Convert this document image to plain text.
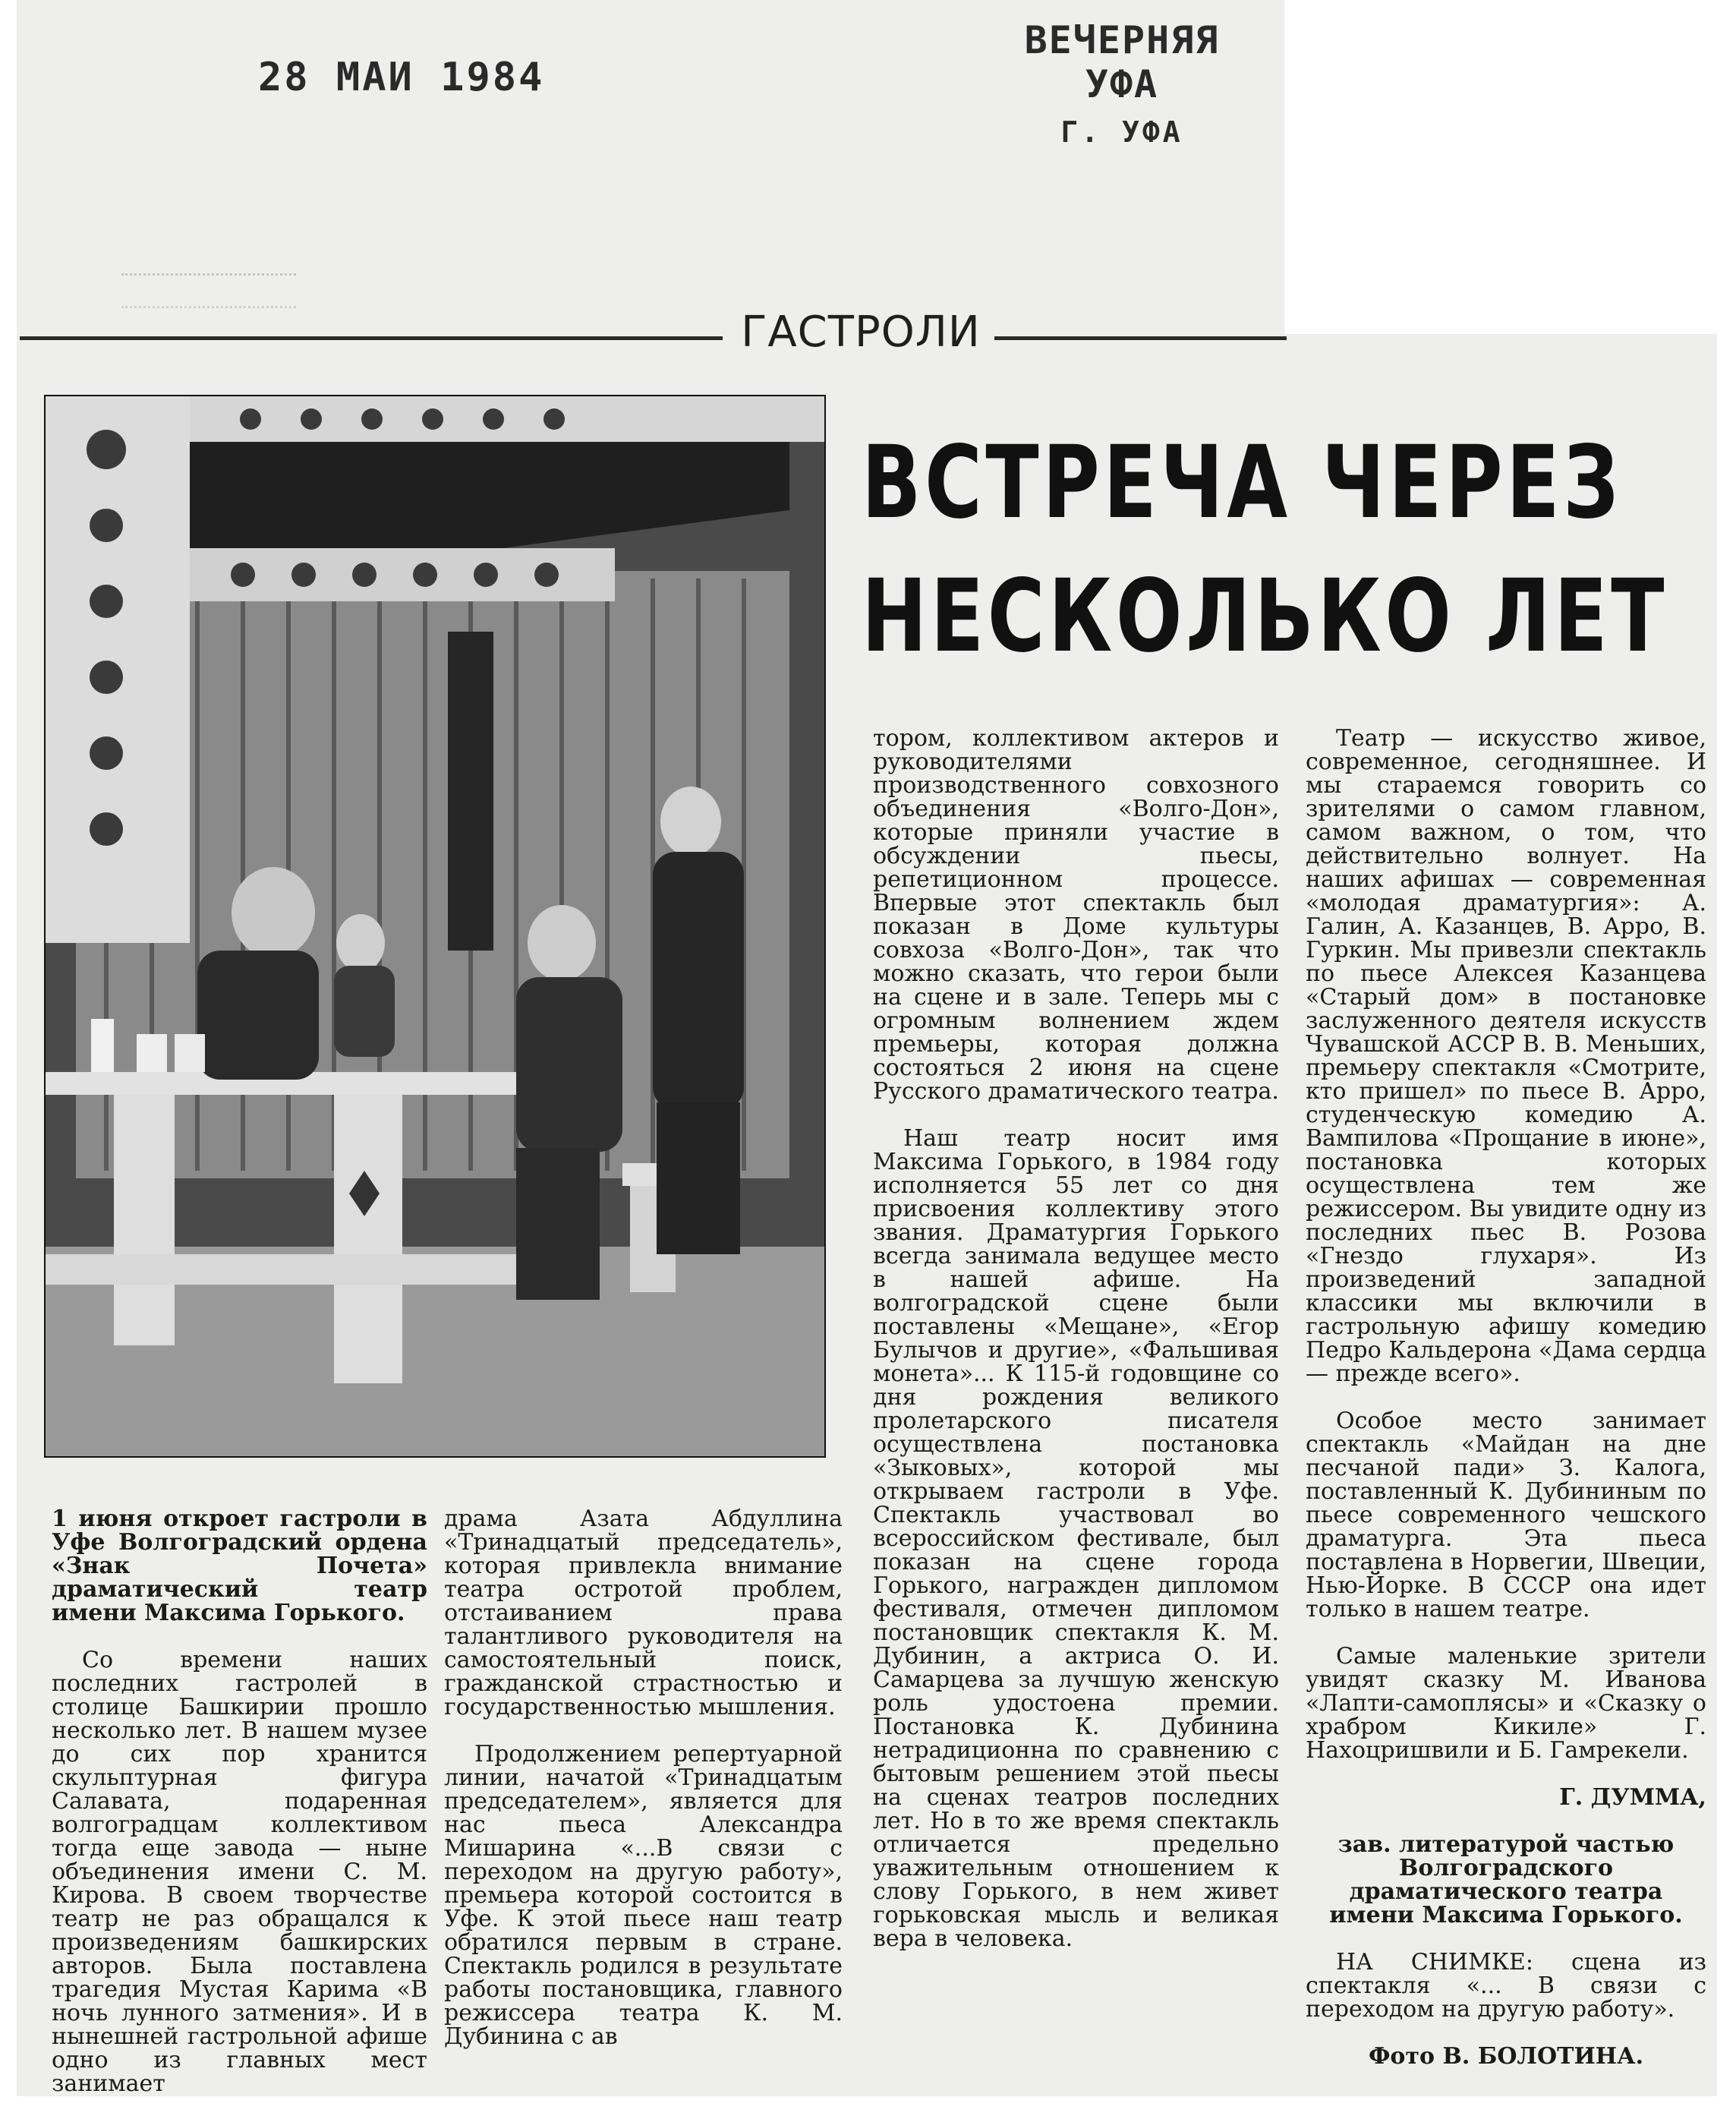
28 МАИ 1984
ВЕЧЕРНЯЯ УФА
Г. УФА
ГАСТРОЛИ
ВСТРЕЧА ЧЕРЕЗ
НЕСКОЛЬКО ЛЕТ

1 июня откроет гастроли в Уфе Волгоградский ордена «Знак Почета» драматический театр имени Максима Горького.

Со времени наших последних гастролей в столице Башкирии прошло несколько лет. В нашем музее до сих пор хранится скульптурная фигура Салавата, подаренная волгоградцам коллективом тогда еще завода — ныне объединения имени С. М. Кирова. В своем творчестве театр не раз обращался к произведениям башкирских авторов. Была поставлена трагедия Мустая Карима «В ночь лунного затмения». И в нынешней гастрольной афише одно из главных мест занимает

драма Азата Абдуллина «Тринадцатый председатель», которая привлекла внимание театра остротой проблем, отстаиванием права талантливого руководителя на самостоятельный поиск, гражданской страстностью и государственностью мышления.

Продолжением репертуарной линии, начатой «Тринадцатым председателем», является для нас пьеса Александра Мишарина «...В связи с переходом на другую работу», премьера которой состоится в Уфе. К этой пьесе наш театр обратился первым в стране. Спектакль родился в результате работы постановщика, главного режиссера театра К. М. Дубинина с ав

тором, коллективом актеров и руководителями производственного совхозного объединения «Волго-Дон», которые приняли участие в обсуждении пьесы, репетиционном процессе. Впервые этот спектакль был показан в Доме культуры совхоза «Волго-Дон», так что можно сказать, что герои были на сцене и в зале. Теперь мы с огромным волнением ждем премьеры, которая должна состояться 2 июня на сцене Русского драматического театра.

Наш театр носит имя Максима Горького, в 1984 году исполняется 55 лет со дня присвоения коллективу этого звания. Драматургия Горького всегда занимала ведущее место в нашей афише. На волгоградской сцене были поставлены «Мещане», «Егор Булычов и другие», «Фальшивая монета»... К 115-й годовщине со дня рождения великого пролетарского писателя осуществлена постановка «Зыковых», которой мы открываем гастроли в Уфе. Спектакль участвовал во всероссийском фестивале, был показан на сцене города Горького, награжден дипломом фестиваля, отмечен дипломом постановщик спектакля К. М. Дубинин, а актриса О. И. Самарцева за лучшую женскую роль удостоена премии. Постановка К. Дубинина нетрадиционна по сравнению с бытовым решением этой пьесы на сценах театров последних лет. Но в то же время спектакль отличается предельно уважительным отношением к слову Горького, в нем живет горьковская мысль и великая вера в человека.

Театр — искусство живое, современное, сегодняшнее. И мы стараемся говорить со зрителями о самом главном, самом важном, о том, что действительно волнует. На наших афишах — современная «молодая драматургия»: А. Галин, А. Казанцев, В. Арро, В. Гуркин. Мы привезли спектакль по пьесе Алексея Казанцева «Старый дом» в постановке заслуженного деятеля искусств Чувашской АССР В. В. Меньших, премьеру спектакля «Смотрите, кто пришел» по пьесе В. Арро, студенческую комедию А. Вампилова «Прощание в июне», постановка которых осуществлена тем же режиссером. Вы увидите одну из последних пьес В. Розова «Гнездо глухаря». Из произведений западной классики мы включили в гастрольную афишу комедию Педро Кальдерона «Дама сердца — прежде всего».

Особое место занимает спектакль «Майдан на дне песчаной пади» З. Калога, поставленный К. Дубининым по пьесе современного чешского драматурга. Эта пьеса поставлена в Норвегии, Швеции, Нью-Йорке. В СССР она идет только в нашем театре.

Самые маленькие зрители увидят сказку М. Иванова «Лапти-самоплясы» и «Сказку о храбром Кикиле» Г. Нахоцришвили и Б. Гамрекели.

Г. ДУММА,

зав. литературой частью Волгоградского драматического театра имени Максима Горького.

НА СНИМКЕ: сцена из спектакля «... В связи с переходом на другую работу».

Фото В. БОЛОТИНА.
